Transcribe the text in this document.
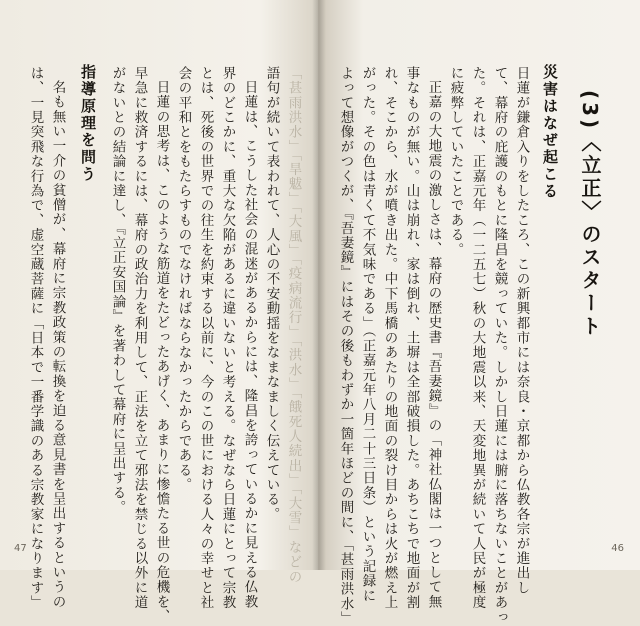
47	46
(3)〈立正〉のスタート
災害はなぜ起こる
日蓮が鎌倉入りをしたころ、この新興都市には奈良・京都から仏教各宗が進出し
て、幕府の庇護のもとに隆昌を競っていた。しかし日蓮には腑に落ちないことがあっ
た。それは、正嘉元年（一二五七）秋の大地震以来、天変地異が続いて人民が極度
に疲弊していたことである。
正嘉の大地震の激しさは、幕府の歴史書『吾妻鏡』の「神社仏閣は一つとして無
事なものが無い。山は崩れ、家は倒れ、土塀は全部破損した。あちこちで地面が割
れ、そこから、水が噴き出た。中下馬橋のあたりの地面の裂け目からは火が燃え上
がった。その色は青くて不気味である」（正嘉元年八月二十三日条）という記録に
よって想像がつくが、『吾妻鏡』にはその後もわずか一箇年ほどの間に、「甚雨洪水」
「甚雨洪水」「旱魃」「大風」「疫病流行」「洪水」「餓死人続出」「大雪」などの
語句が続いて表われて、人心の不安動揺をなまなましく伝えている。
日蓮は、こうした社会の混迷があるからには、隆昌を誇っているかに見える仏教
界のどこかに、重大な欠陥があるに違いないと考える。なぜなら日蓮にとって宗教
とは、死後の世界での往生を約束する以前に、今のこの世における人々の幸せと社
会の平和とをもたらすものでなければならなかったからである。
日蓮の思考は、このような筋道をたどったあげく、あまりに惨憺たる世の危機を、
早急に救済するには、幕府の政治力を利用して、正法を立て邪法を禁じる以外に道
がないとの結論に達し、『立正安国論』を著わして幕府に呈出する。
指導原理を問う
名も無い一介の貧僧が、幕府に宗教政策の転換を迫る意見書を呈出するというの
は、一見突飛な行為で、虚空蔵菩薩に「日本で一番学識のある宗教家になります」
